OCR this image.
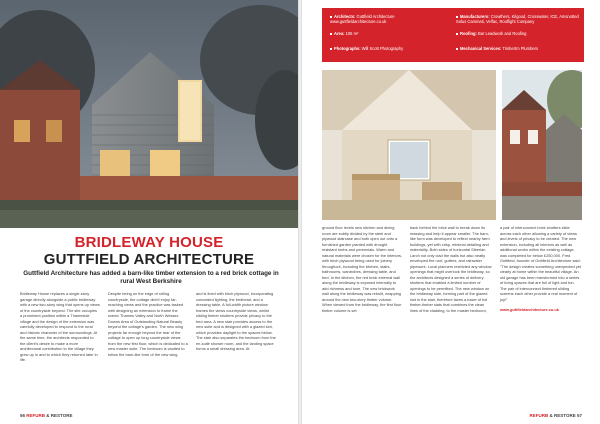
BRIDLEWAY HOUSE
GUTTFIELD ARCHITECTURE
Guttfield Architecture has added a barn-like timber extension to a red brick cottage in rural West Berkshire

Bridleway House replaces a single-story garage directly alongside a public bridleway with a new two-story wing that opens up views of the countryside beyond. The site occupies a prominent position within a Thameside village and the design of the extension was carefully developed to respond to the rural and historic character of the surroundings. At the same time, the architects responded to the client's desire to make a more architectural contribution to the village they grew up in and to which they returned later in life.

Despite being on the edge of rolling countryside, the cottage didn't enjoy far-reaching views and the practice was tasked with designing an extension to frame the scenic Thames Valley and North Wessex Downs Area of Outstanding Natural Beauty beyond the cottage's garden. The new wing projects far enough beyond the rear of the cottage to open up long countryside views from the new first floor, which is dedicated to a new master suite. The bedroom is vaulted to follow the barn-like form of the new wing

and is lined with birch plywood, incorporating concealed lighting, the bedhead, and a dressing table. A full-width picture window frames the views countryside views, whilst sliding timber shutters provide privacy to the bed area. A new stair provides access to the new suite and is designed with a glazed slot, which provides daylight to the spaces below. The stair also separates the bedroom from the en-suite shower room, and the landing space forms a small dressing area. At

56 REFURB & RESTORE
Architects: Guttfield Architecture www.guttfieldarchitecture.co.uk
Area: 105 m²
Photographs: Will Scott Photography
Manufacturers: Crowthers, Kilgood, Crosswater, ICE, Amsnotted Solus Cammati, Velfac, Rooflight Company
Roofing: Bar Leadwork and Roofing
Mechanical Services: Timbertm Plumbers

ground floor levels new kitchen and dining room are subtly divided by the steel and plywood staircase and both open out onto a furnished garden planted with drought resistant herbs and perennials. Warm and natural materials were chosen for the interiors, with birch plywood being used for joinery throughout, including the kitchen, stairs, bathrooms, wardrobes, dressing table, and bed. In the kitchen, the red brick external wall along the bridleway is exposed internally to add richness and tone. The new brickwork wall along the bridleway was rebuilt, wrapping around the new two-story timber volume. When viewed from the bridleway, the first floor timber volume is set

back behind the brick wall to break down its massing and help it appear smaller. The barn-like form was developed to reflect nearby farm buildings, yet with crisp, minimal detailing and materiality. Both sides of horizontal Siberian Larch not only clad the walls but also neatly enveloped the roof, gutters, and rainwater pipework. Local planners restricted any window openings that might overlook the bridleway, so the architects designed a series of delivery shutters that enabled a limited number of openings to be permitted. The new window on the bridleway side, forming part of the glazed slot in the stair, therefore faces a tower of full timber-timber slats that combines the clean lines of the cladding, to the master bedroom,

a pair of interconnect brick shutters slide across each other allowing a variety of views and levels of privacy to be created. The new extension, including all interiors as well as additional works within the existing cottage, was completed for below £250,000. Fred Guttfield, founder of Guttfield Architecture said: "The design creates something unexpected yet clearly at home within the beautiful village. An old garage has been transformed into a series of living spaces that are full of light and fun. The pair of interconnect timbered sliding screens each other provide a real moment of joy!"

www.guttfieldarchitecture.co.uk

REFURB & RESTORE 57
